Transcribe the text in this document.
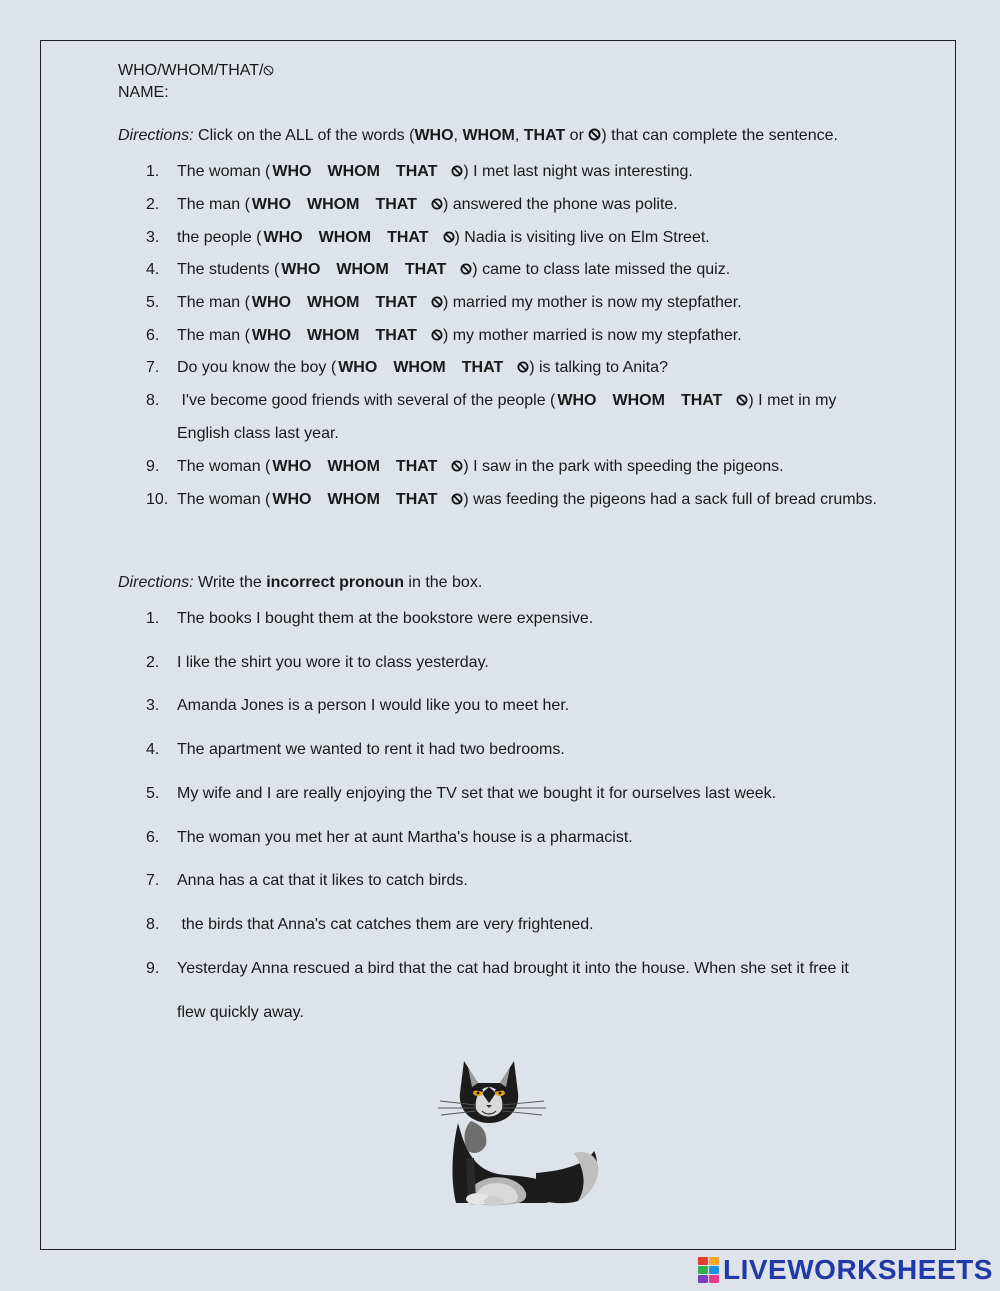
WHO/WHOM/THAT/
NAME:
Directions: Click on the ALL of the words (WHO, WHOM, THAT or ) that can complete the sentence.
1. The woman ( WHO WHOM THAT ) I met last night was interesting.
2. The man ( WHO WHOM THAT ) answered the phone was polite.
3. the people ( WHO WHOM THAT ) Nadia is visiting live on Elm Street.
4. The students ( WHO WHOM THAT ) came to class late missed the quiz.
5. The man ( WHO WHOM THAT ) married my mother is now my stepfather.
6. The man ( WHO WHOM THAT ) my mother married is now my stepfather.
7. Do you know the boy ( WHO WHOM THAT ) is talking to Anita?
8. I've become good friends with several of the people ( WHO WHOM THAT ) I met in my
English class last year.
9. The woman ( WHO WHOM THAT ) I saw in the park with speeding the pigeons.
10. The woman ( WHO WHOM THAT ) was feeding the pigeons had a sack full of bread crumbs.
Directions: Write the incorrect pronoun in the box.
1. The books I bought them at the bookstore were expensive.
2. I like the shirt you wore it to class yesterday.
3. Amanda Jones is a person I would like you to meet her.
4. The apartment we wanted to rent it had two bedrooms.
5. My wife and I are really enjoying the TV set that we bought it for ourselves last week.
6. The woman you met her at aunt Martha's house is a pharmacist.
7. Anna has a cat that it likes to catch birds.
8. the birds that Anna's cat catches them are very frightened.
9. Yesterday Anna rescued a bird that the cat had brought it into the house. When she set it free it
flew quickly away.
LIVEWORKSHEETS
